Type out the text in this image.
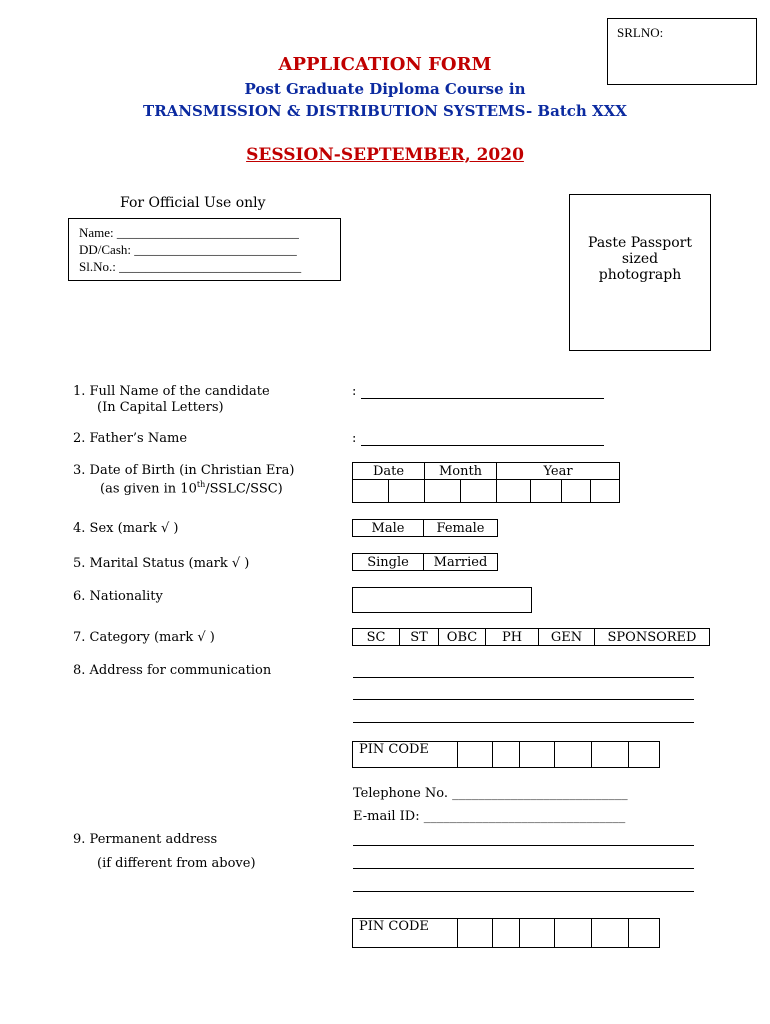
SRLNO:
APPLICATION FORM
Post Graduate Diploma Course in
TRANSMISSION & DISTRIBUTION SYSTEMS- Batch XXX
SESSION-SEPTEMBER, 2020
For Official Use only
Name: ____________________________
DD/Cash: _________________________
Sl.No.: ____________________________
Paste Passport
sized
photograph
1. Full Name of the candidate
(In Capital Letters)
:
2. Father’s Name	:
3. Date of Birth (in Christian Era)
(as given in 10th/SSLC/SSC)
Date		Month		Year			

4. Sex (mark √ )	Male	Female
5. Marital Status (mark √ )	Single	Married
6. Nationality
7. Category (mark √ )	SC	ST	OBC	PH	GEN	SPONSORED
8. Address for communication
PIN CODE						
Telephone No. ___________________________
E-mail ID: _______________________________
9. Permanent address
(if different from above)
PIN CODE						
